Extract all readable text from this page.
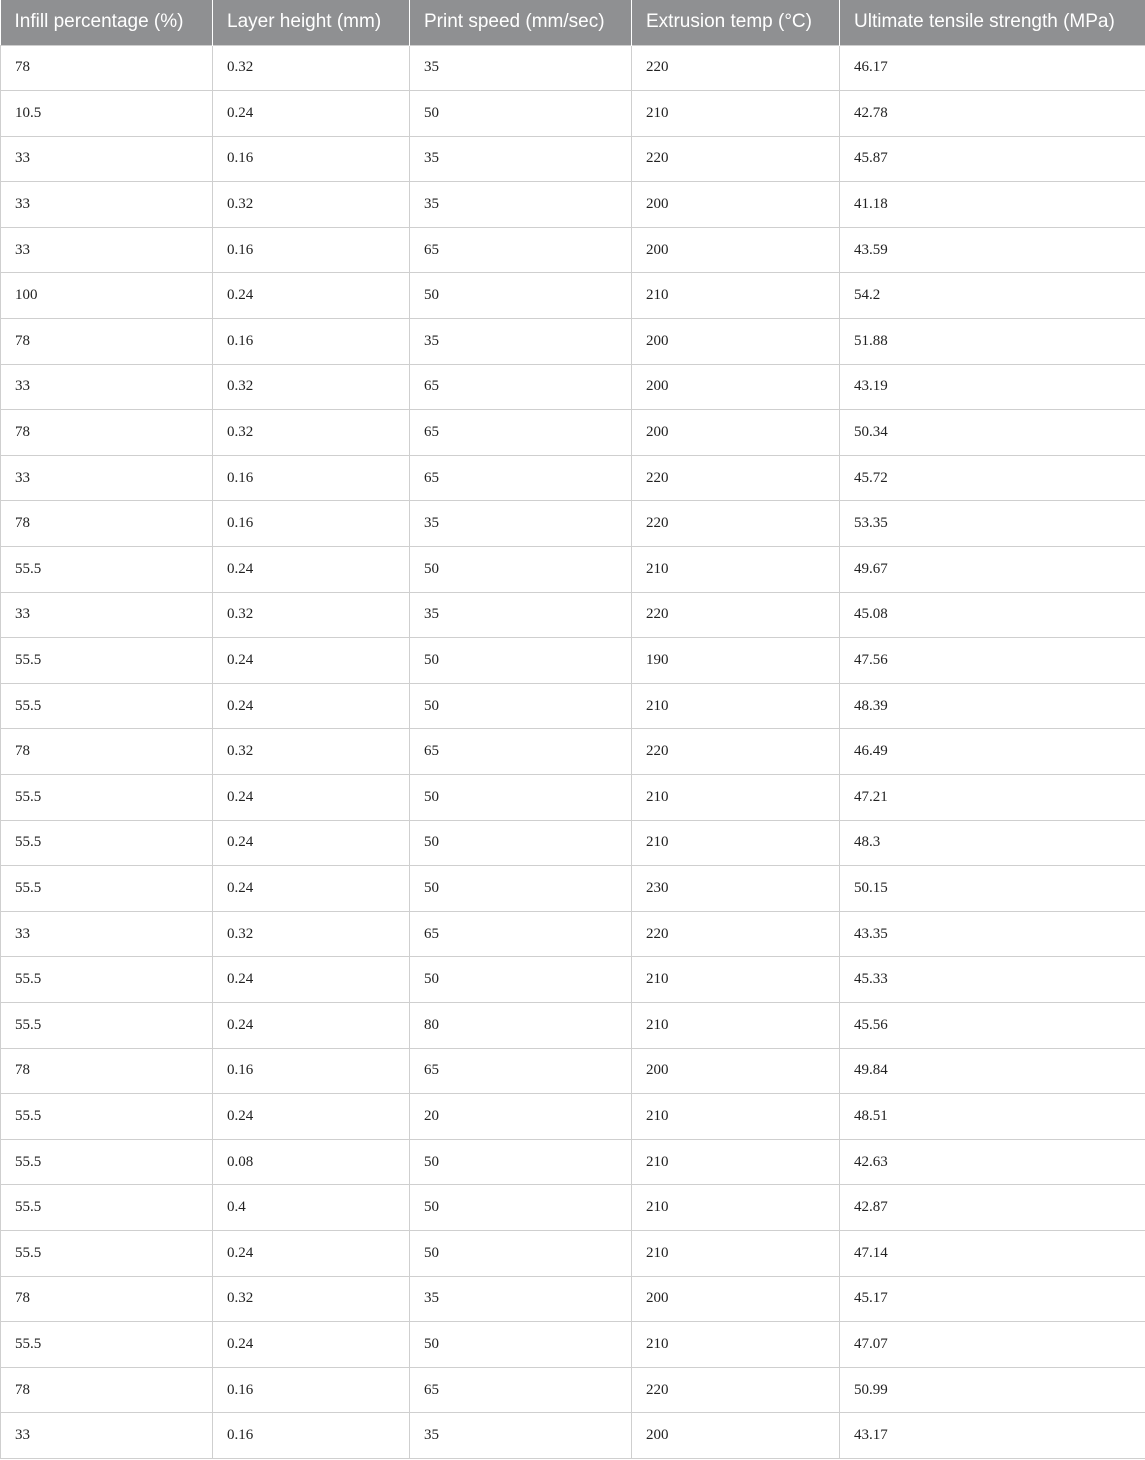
Infill percentage (%)	Layer height (mm)	Print speed (mm/sec)	Extrusion temp (°C)	Ultimate tensile strength (MPa)
78	0.32	35	220	46.17
10.5	0.24	50	210	42.78
33	0.16	35	220	45.87
33	0.32	35	200	41.18
33	0.16	65	200	43.59
100	0.24	50	210	54.2
78	0.16	35	200	51.88
33	0.32	65	200	43.19
78	0.32	65	200	50.34
33	0.16	65	220	45.72
78	0.16	35	220	53.35
55.5	0.24	50	210	49.67
33	0.32	35	220	45.08
55.5	0.24	50	190	47.56
55.5	0.24	50	210	48.39
78	0.32	65	220	46.49
55.5	0.24	50	210	47.21
55.5	0.24	50	210	48.3
55.5	0.24	50	230	50.15
33	0.32	65	220	43.35
55.5	0.24	50	210	45.33
55.5	0.24	80	210	45.56
78	0.16	65	200	49.84
55.5	0.24	20	210	48.51
55.5	0.08	50	210	42.63
55.5	0.4	50	210	42.87
55.5	0.24	50	210	47.14
78	0.32	35	200	45.17
55.5	0.24	50	210	47.07
78	0.16	65	220	50.99
33	0.16	35	200	43.17
